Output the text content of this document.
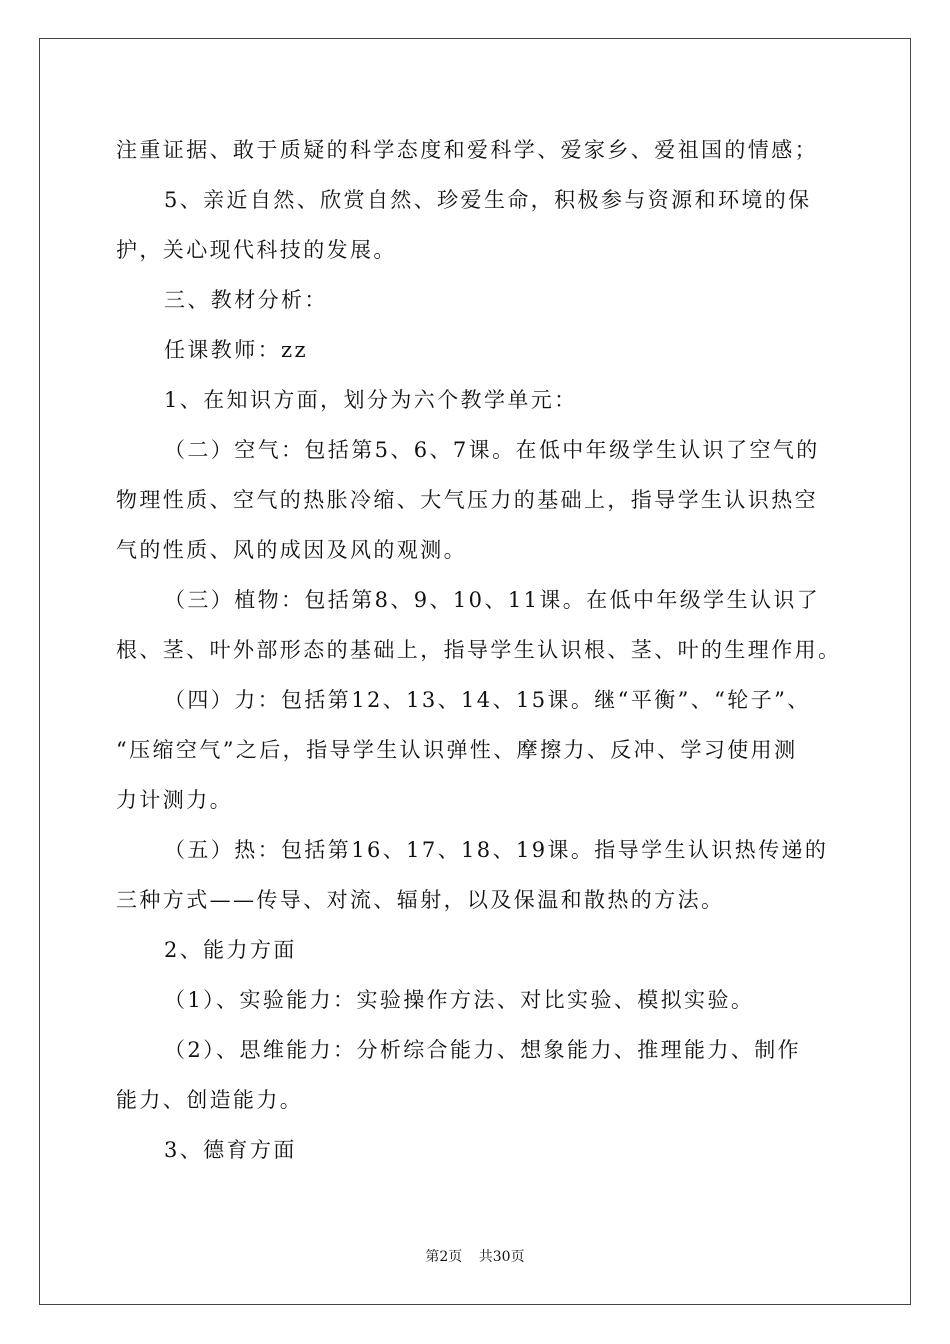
注重证据、敢于质疑的科学态度和爱科学、爱家乡、爱祖国的情感；
5、亲近自然、欣赏自然、珍爱生命，积极参与资源和环境的保
护，关心现代科技的发展。
三、教材分析：
任课教师：zz
1、在知识方面，划分为六个教学单元：
（二）空气：包括第5、6、7课。在低中年级学生认识了空气的
物理性质、空气的热胀冷缩、大气压力的基础上，指导学生认识热空
气的性质、风的成因及风的观测。
（三）植物：包括第8、9、10、11课。在低中年级学生认识了
根、茎、叶外部形态的基础上，指导学生认识根、茎、叶的生理作用。
（四）力：包括第12、13、14、15课。继“平衡”、“轮子”、
“压缩空气”之后，指导学生认识弹性、摩擦力、反冲、学习使用测
力计测力。
（五）热：包括第16、17、18、19课。指导学生认识热传递的
三种方式——传导、对流、辐射，以及保温和散热的方法。
2、能力方面
（1）、实验能力：实验操作方法、对比实验、模拟实验。
（2）、思维能力：分析综合能力、想象能力、推理能力、制作
能力、创造能力。
3、德育方面
第2页 共30页
